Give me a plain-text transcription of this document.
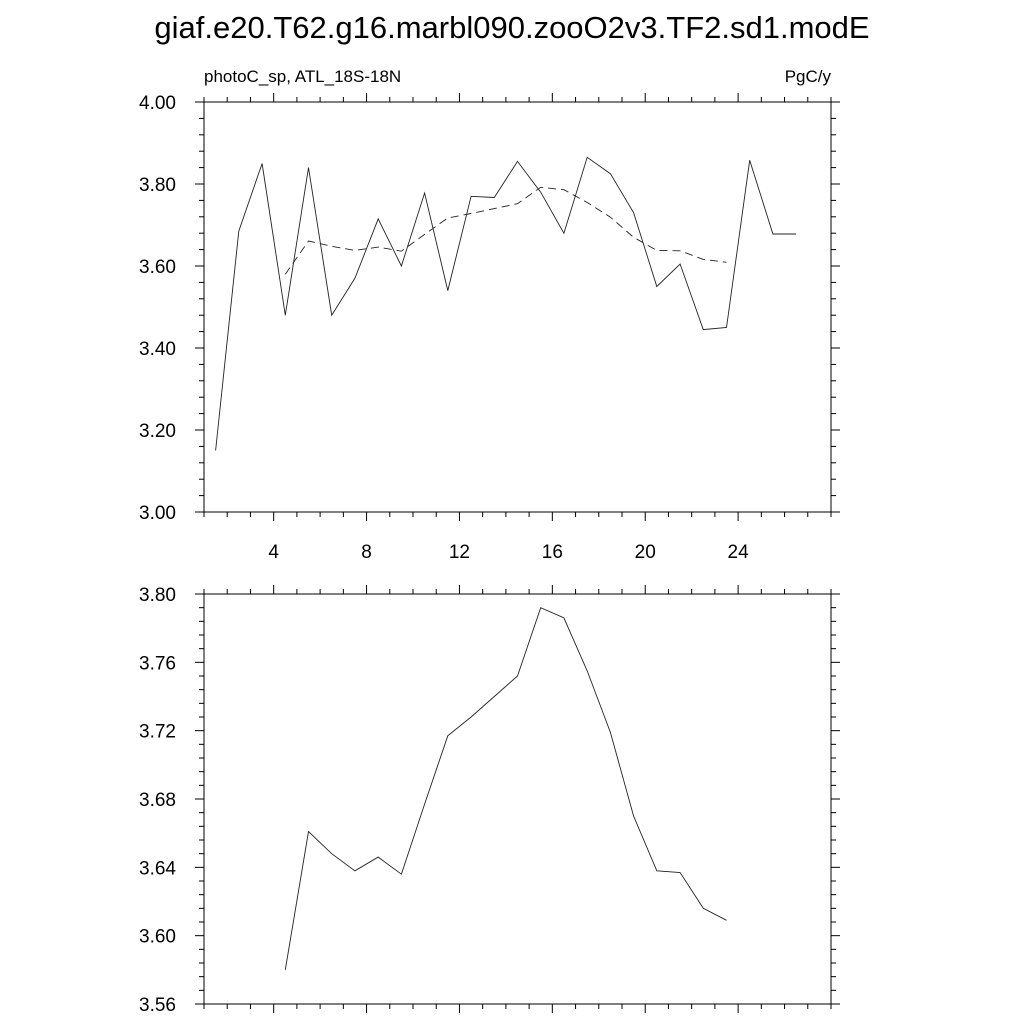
giaf.e20.T62.g16.marbl090.zooO2v3.TF2.sd1.modE
photoC_sp, ATL_18S-18N	PgC/y
4	8	12	16	20	24
3.00
3.20
3.40
3.60
3.80
4.00
3.56
3.60
3.64
3.68
3.72
3.76
3.80
